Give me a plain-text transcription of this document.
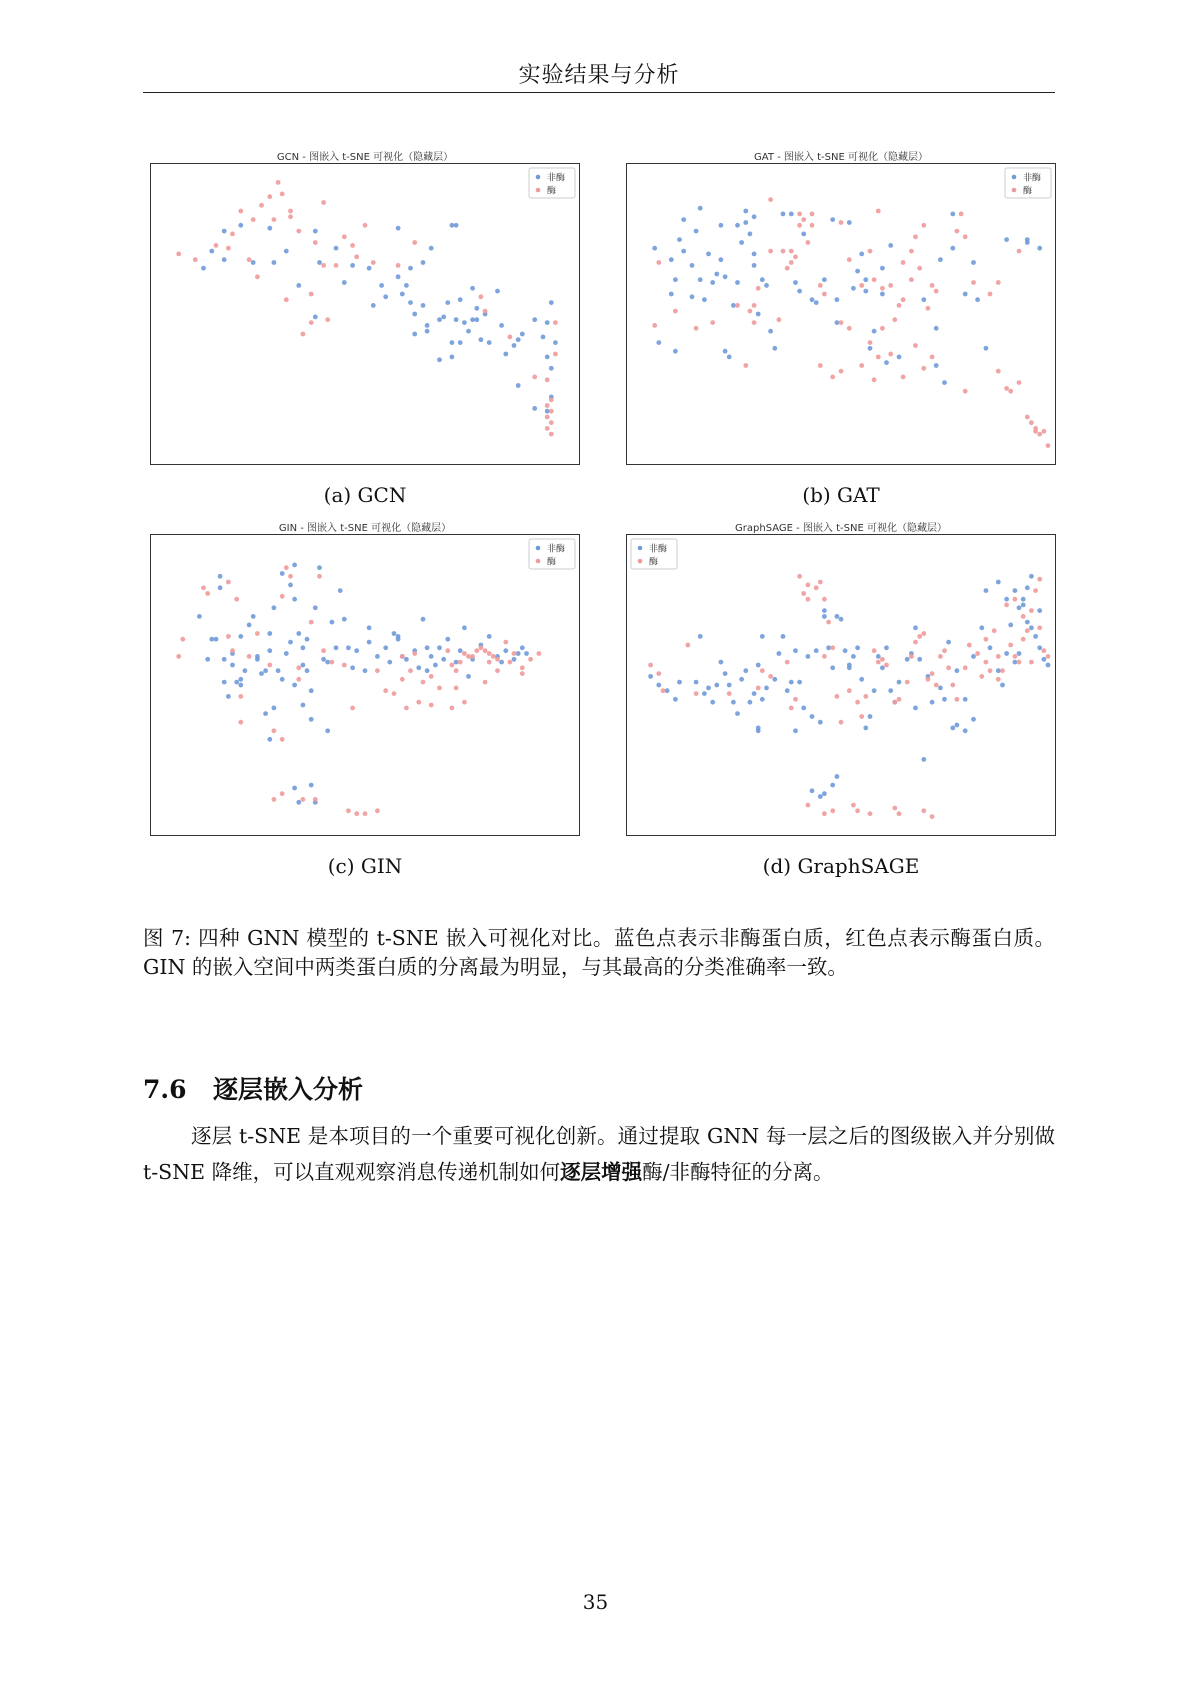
实验结果与分析
GCN - 图嵌入 t-SNE 可视化（隐藏层）
非酶
酶
(a) GCN
GAT - 图嵌入 t-SNE 可视化（隐藏层）
非酶
酶
(b) GAT
GIN - 图嵌入 t-SNE 可视化（隐藏层）
非酶
酶
(c) GIN
GraphSAGE - 图嵌入 t-SNE 可视化（隐藏层）
非酶
酶
(d) GraphSAGE
图 7: 四种 GNN 模型的 t-SNE 嵌入可视化对比。蓝色点表示非酶蛋白质，红色点表示酶蛋白质。GIN 的嵌入空间中两类蛋白质的分离最为明显，与其最高的分类准确率一致。
7.6 逐层嵌入分析
逐层 t-SNE 是本项目的一个重要可视化创新。通过提取 GNN 每一层之后的图级嵌入并分别做 t-SNE 降维，可以直观观察消息传递机制如何逐层增强酶/非酶特征的分离。
35
